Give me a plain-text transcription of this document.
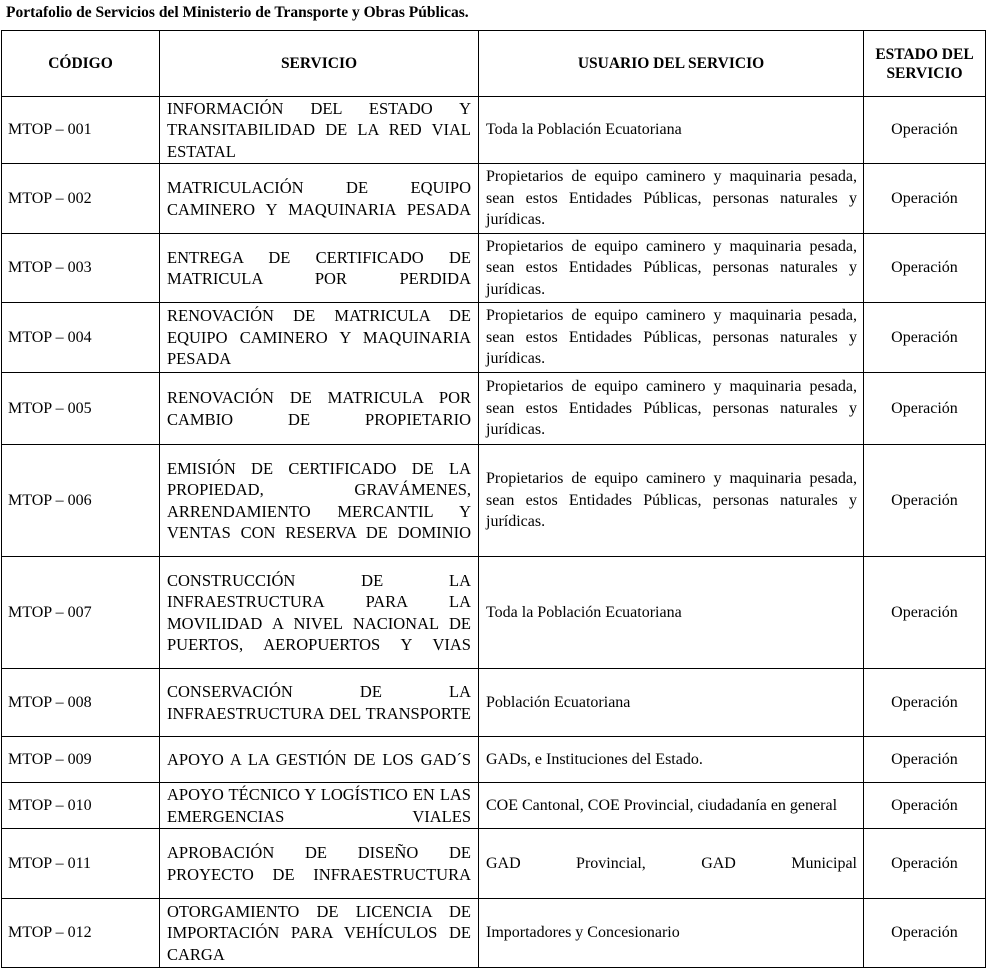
Portafolio de Servicios del Ministerio de Transporte y Obras Públicas.
CÓDIGO	SERVICIO	USUARIO DEL SERVICIO	ESTADO DEL SERVICIO
MTOP – 001	INFORMACIÓN DEL ESTADO Y TRANSITABILIDAD DE LA RED VIAL ESTATAL	Toda la Población Ecuatoriana	Operación
MTOP – 002	MATRICULACIÓN DE EQUIPO CAMINERO Y MAQUINARIA PESADA	Propietarios de equipo caminero y maquinaria pesada, sean estos Entidades Públicas, personas naturales y jurídicas.	Operación
MTOP – 003	ENTREGA DE CERTIFICADO DE MATRICULA POR PERDIDA	Propietarios de equipo caminero y maquinaria pesada, sean estos Entidades Públicas, personas naturales y jurídicas.	Operación
MTOP – 004	RENOVACIÓN DE MATRICULA DE EQUIPO CAMINERO Y MAQUINARIA PESADA	Propietarios de equipo caminero y maquinaria pesada, sean estos Entidades Públicas, personas naturales y jurídicas.	Operación
MTOP – 005	RENOVACIÓN DE MATRICULA POR CAMBIO DE PROPIETARIO	Propietarios de equipo caminero y maquinaria pesada, sean estos Entidades Públicas, personas naturales y jurídicas.	Operación
MTOP – 006	EMISIÓN DE CERTIFICADO DE LA PROPIEDAD, GRAVÁMENES, ARRENDAMIENTO MERCANTIL Y VENTAS CON RESERVA DE DOMINIO	Propietarios de equipo caminero y maquinaria pesada, sean estos Entidades Públicas, personas naturales y jurídicas.	Operación
MTOP – 007	CONSTRUCCIÓN DE LA INFRAESTRUCTURA PARA LA MOVILIDAD A NIVEL NACIONAL DE PUERTOS, AEROPUERTOS Y VIAS	Toda la Población Ecuatoriana	Operación
MTOP – 008	CONSERVACIÓN DE LA INFRAESTRUCTURA DEL TRANSPORTE	Población Ecuatoriana	Operación
MTOP – 009	APOYO A LA GESTIÓN DE LOS GAD´S	GADs, e Instituciones del Estado.	Operación
MTOP – 010	APOYO TÉCNICO Y LOGÍSTICO EN LAS EMERGENCIAS VIALES	COE Cantonal, COE Provincial, ciudadanía en general	Operación
MTOP – 011	APROBACIÓN DE DISEÑO DE PROYECTO DE INFRAESTRUCTURA	GAD Provincial, GAD Municipal	Operación
MTOP – 012	OTORGAMIENTO DE LICENCIA DE IMPORTACIÓN PARA VEHÍCULOS DE CARGA	Importadores y Concesionario	Operación
